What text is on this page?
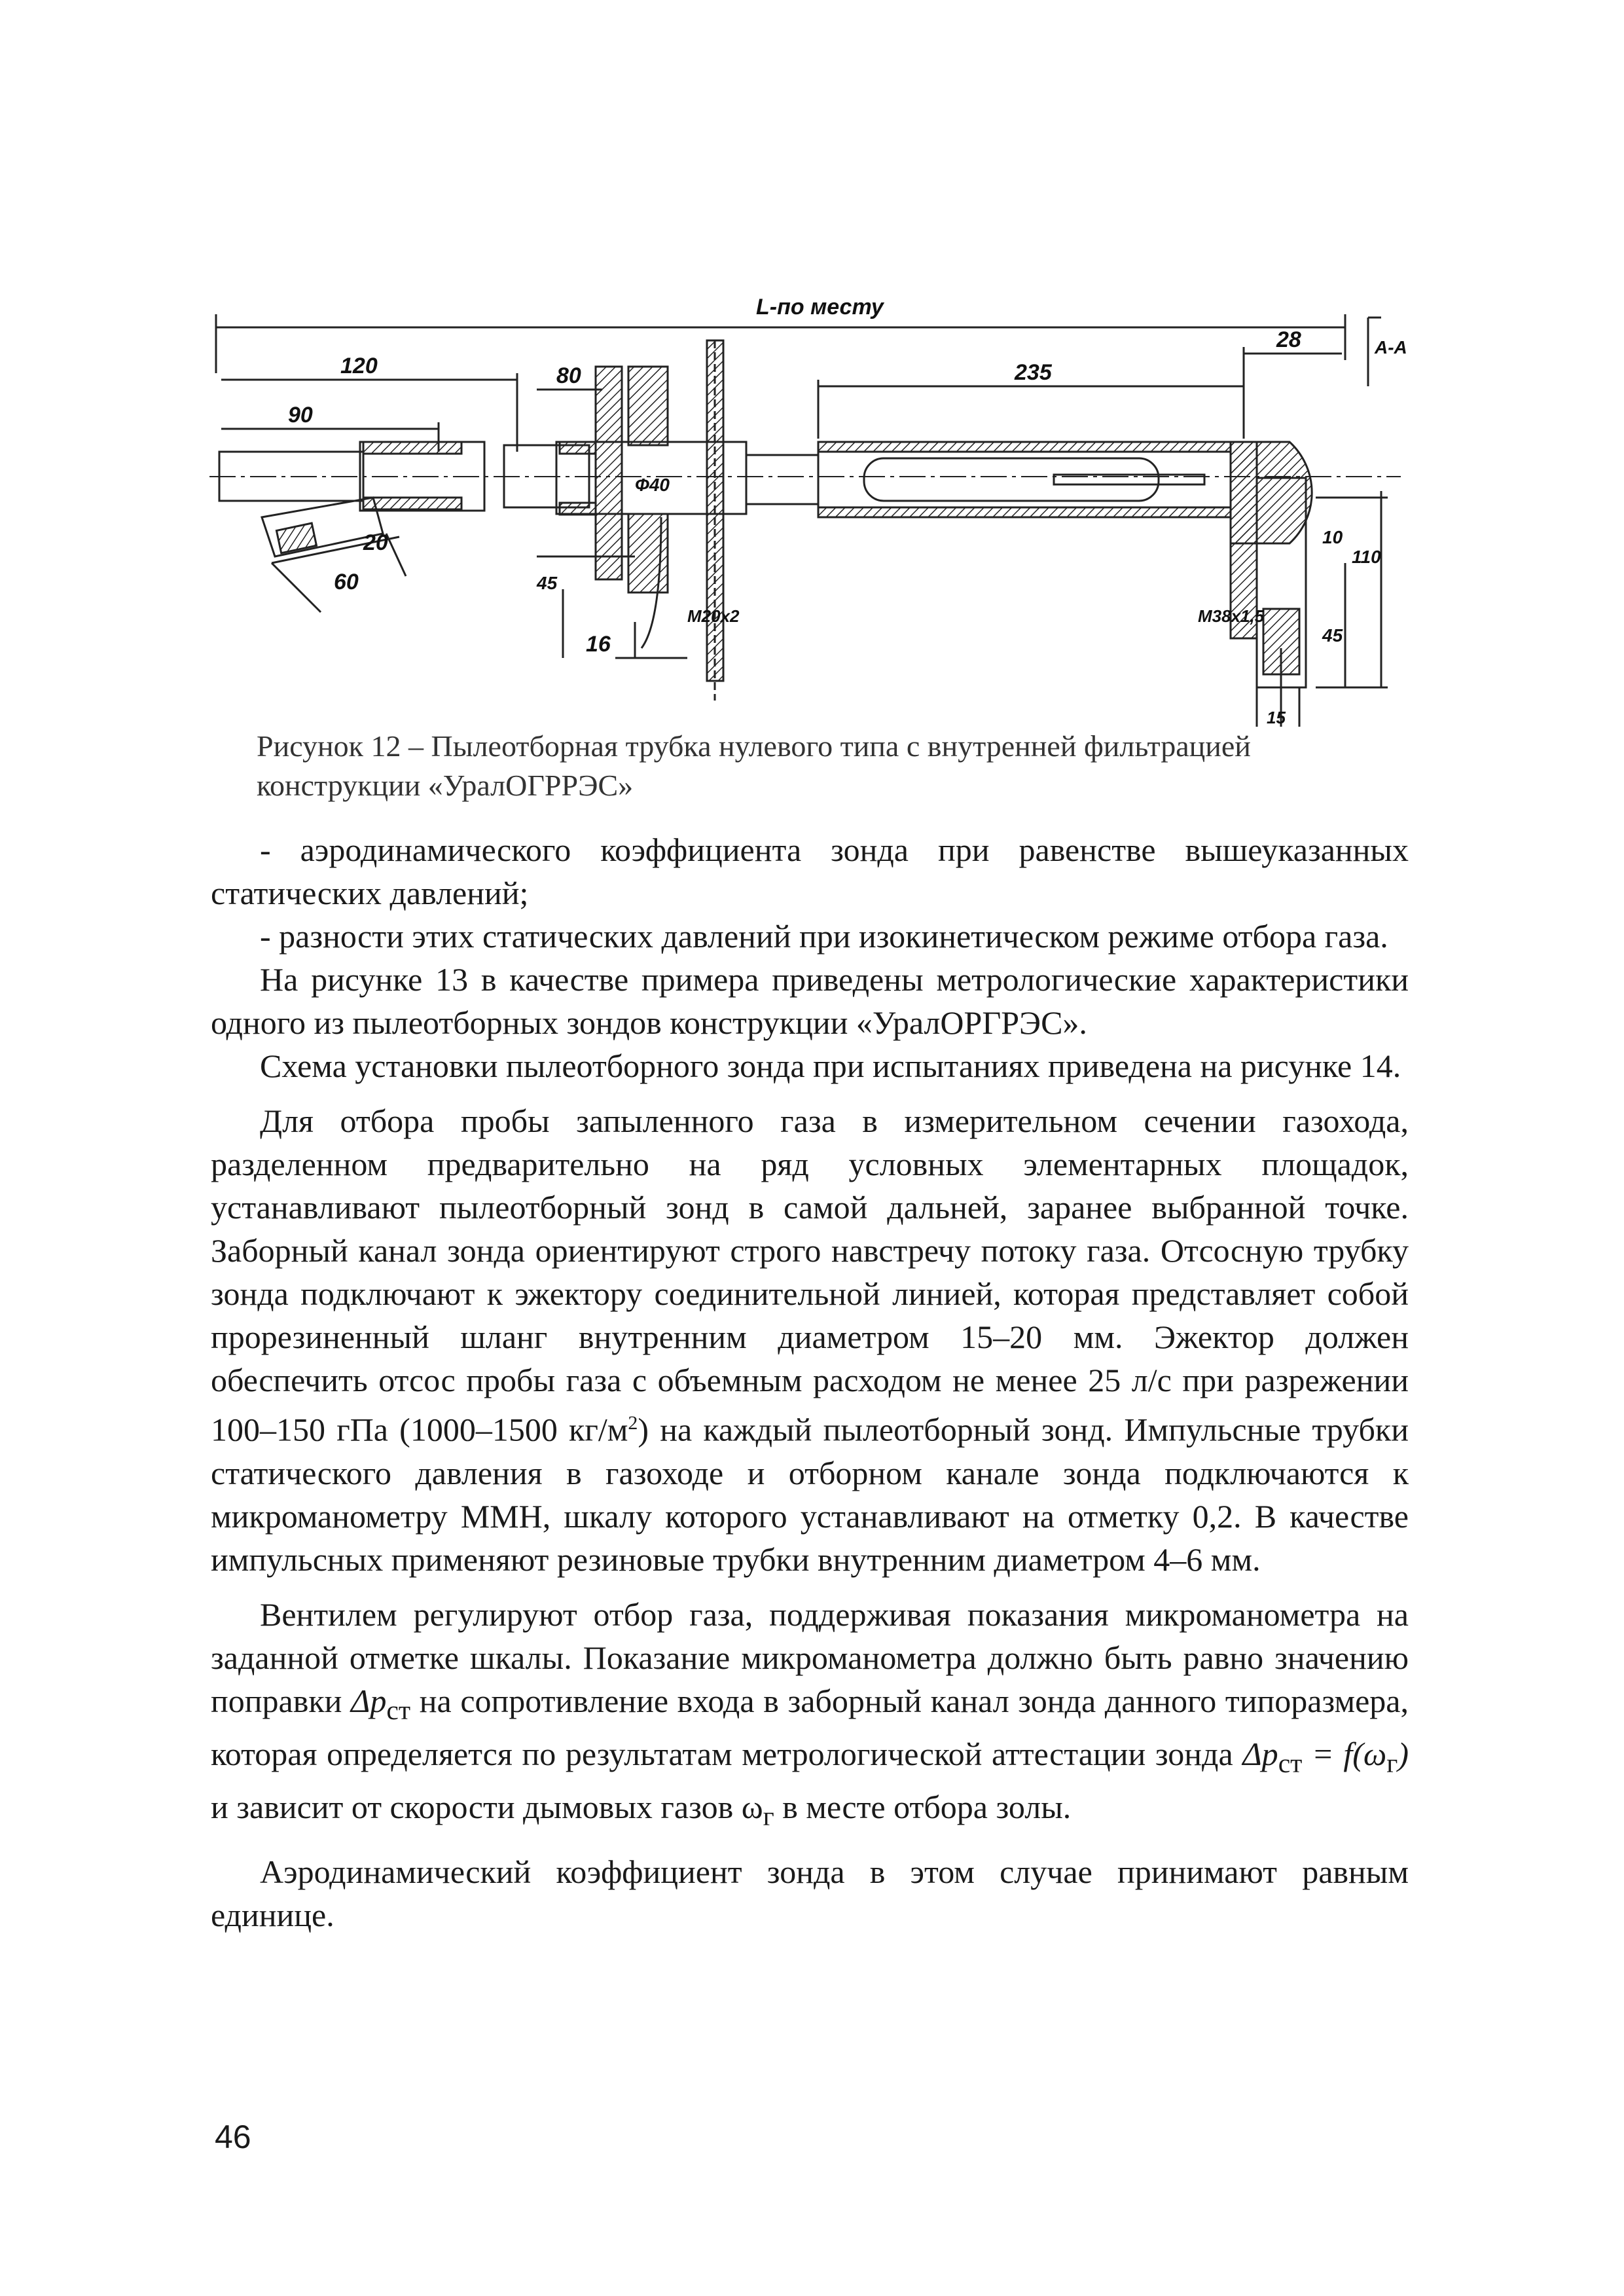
L-по месту
120
90
80	235
28	А-А
Ф40
45
16
М20х2
60
20
М38х1,5
10
110
45
15
Рисунок 12 – Пылеотборная трубка нулевого типа с внутренней фильтрацией конструкции «УралОГРРЭС»

- аэродинамического коэффициента зонда при равенстве вышеуказанных статических давлений;

- разности этих статических давлений при изокинетическом режиме отбора газа.

На рисунке 13 в качестве примера приведены метрологические характеристики одного из пылеотборных зондов конструкции «УралОРГРЭС».

Схема установки пылеотборного зонда при испытаниях приведена на рисунке 14.

Для отбора пробы запыленного газа в измерительном сечении газохода, разделенном предварительно на ряд условных элементарных площадок, устанавливают пылеотборный зонд в самой дальней, заранее выбранной точке. Заборный канал зонда ориентируют строго навстречу потоку газа. Отсосную трубку зонда подключают к эжектору соединительной линией, которая представляет собой прорезиненный шланг внутренним диаметром 15–20 мм. Эжектор должен обеспечить отсос пробы газа с объемным расходом не менее 25 л/с при разрежении 100–150 гПа (1000–1500 $кг/м^2$) на каждый пылеотборный зонд. Импульсные трубки статического давления в газоходе и отборном канале зонда подключаются к микроманометру ММН, шкалу которого устанавливают на отметку 0,2. В качестве импульсных применяют резиновые трубки внутренним диаметром 4–6 мм.

Вентилем регулируют отбор газа, поддерживая показания микроманометра на заданной отметке шкалы. Показание микроманометра должно быть равно значению поправки $\Delta p_{ст}$ на сопротивление входа в заборный канал зонда данного типоразмера, которая определяется по результатам метрологической аттестации зонда $\Delta p_{ст} = f(\omega_г)$ и зависит от скорости дымовых газов $\omega_г$ в месте отбора золы.

Аэродинамический коэффициент зонда в этом случае принимают равным единице.

46
